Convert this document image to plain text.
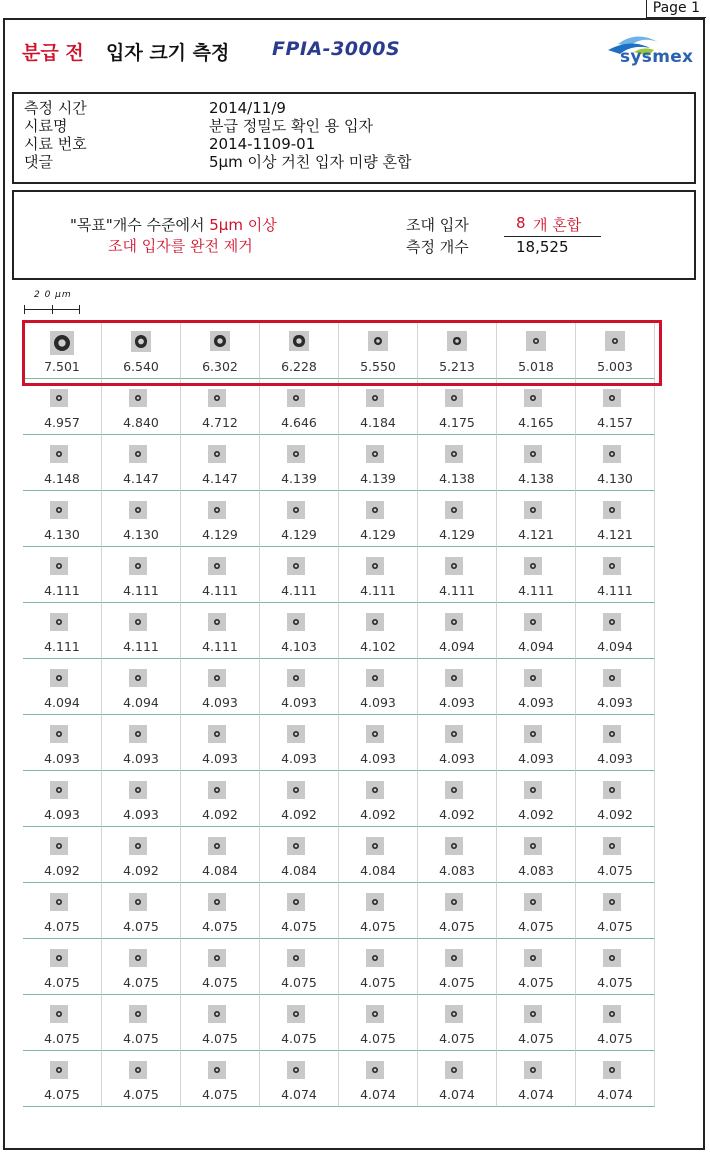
Page 1
분급 전 입자 크기 측정 FPIA-3000S	sysmex
측정 시간	2014/11/9
시료명	분급 정밀도 확인 용 입자
시료 번호	2014-1109-01
댓글	5μm 이상 거친 입자 미량 혼합
"목표"개수 수준에서 5μm 이상
조대 입자를 완전 제거
조대 입자	8 개 혼합
측정 개수	18,525
2 0 μm
7.501	6.540	6.302	6.228	5.550	5.213	5.018	5.003
4.957	4.840	4.712	4.646	4.184	4.175	4.165	4.157
4.148	4.147	4.147	4.139	4.139	4.138	4.138	4.130
4.130	4.130	4.129	4.129	4.129	4.129	4.121	4.121
4.111	4.111	4.111	4.111	4.111	4.111	4.111	4.111
4.111	4.111	4.111	4.103	4.102	4.094	4.094	4.094
4.094	4.094	4.093	4.093	4.093	4.093	4.093	4.093
4.093	4.093	4.093	4.093	4.093	4.093	4.093	4.093
4.093	4.093	4.092	4.092	4.092	4.092	4.092	4.092
4.092	4.092	4.084	4.084	4.084	4.083	4.083	4.075
4.075	4.075	4.075	4.075	4.075	4.075	4.075	4.075
4.075	4.075	4.075	4.075	4.075	4.075	4.075	4.075
4.075	4.075	4.075	4.075	4.075	4.075	4.075	4.075
4.075	4.075	4.075	4.074	4.074	4.074	4.074	4.074
